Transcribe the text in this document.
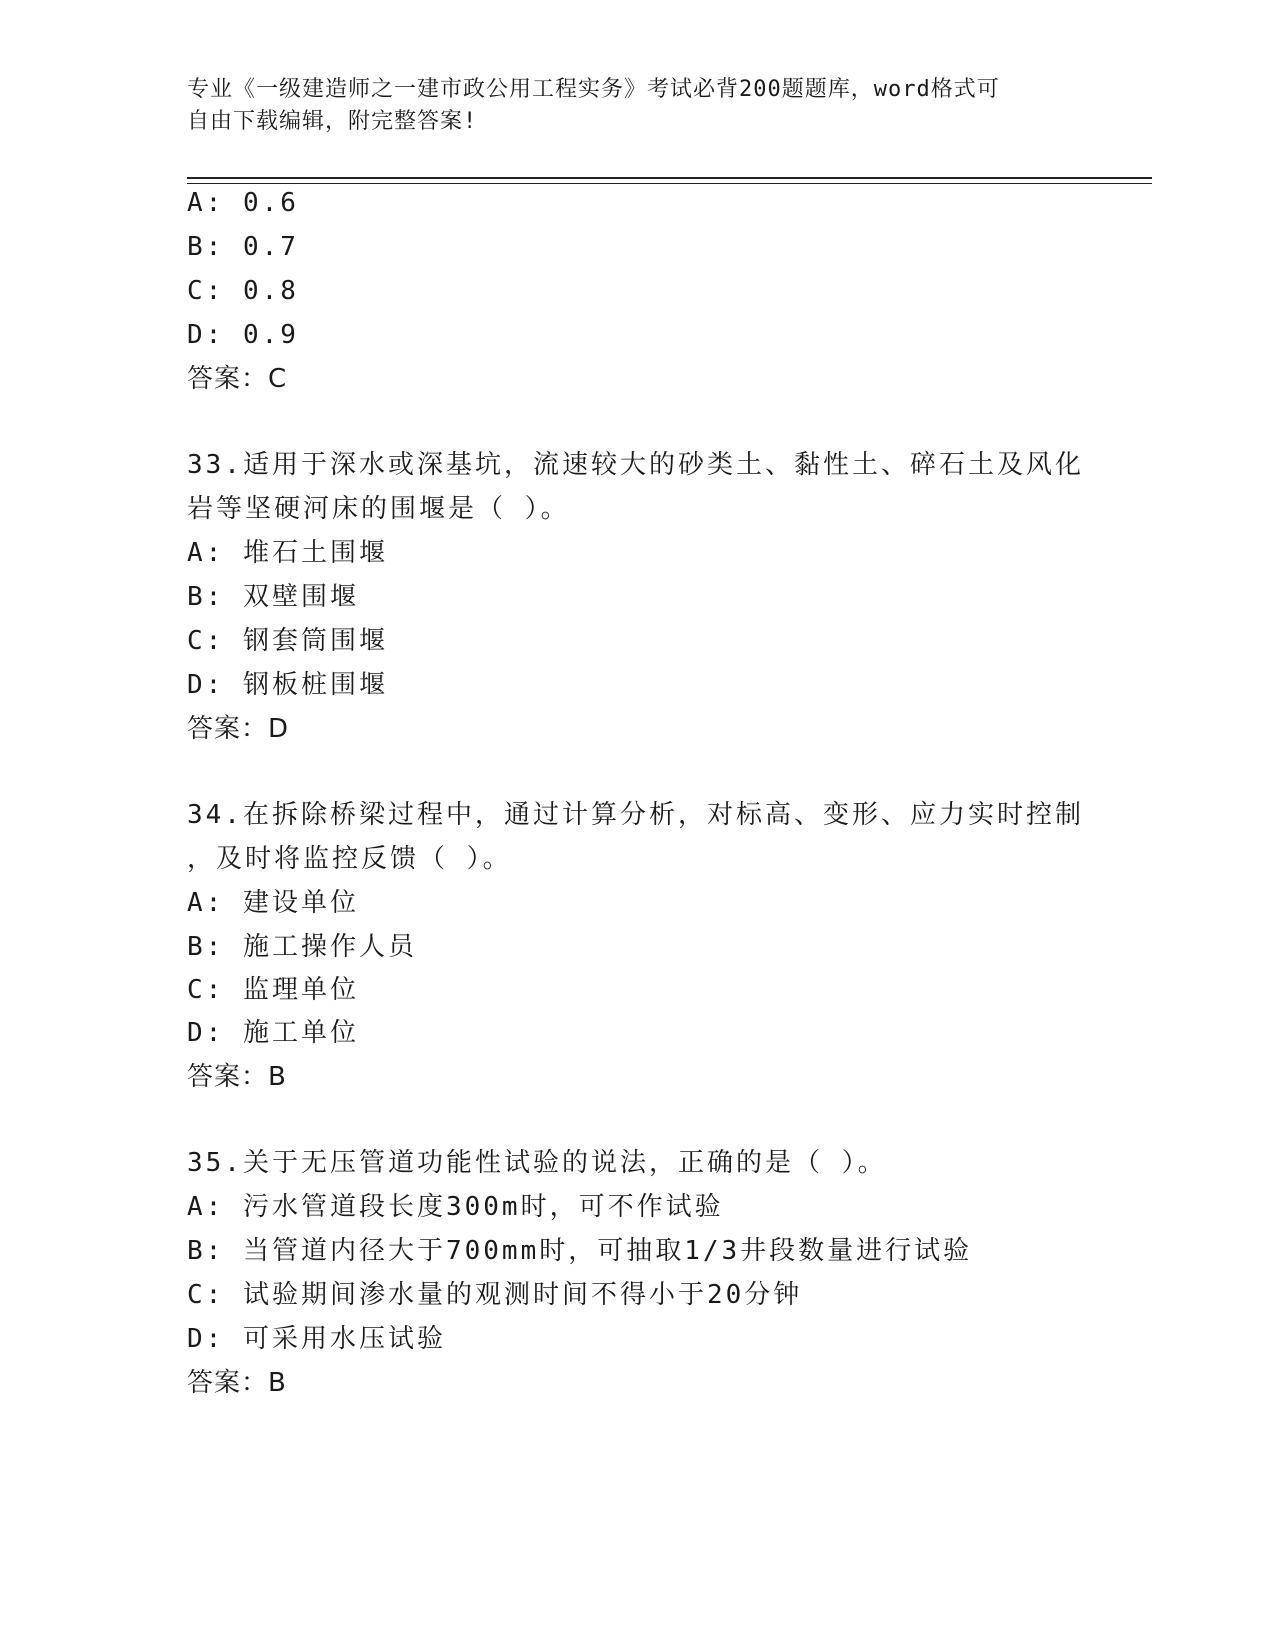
专业《一级建造师之一建市政公用工程实务》考试必背200题题库，word格式可
自由下载编辑，附完整答案!
A: 0.6
B: 0.7
C: 0.8
D: 0.9
答案：C
33.适用于深水或深基坑，流速较大的砂类土、黏性土、碎石土及风化
岩等坚硬河床的围堰是（ ）。
A: 堆石土围堰
B: 双壁围堰
C: 钢套筒围堰
D: 钢板桩围堰
答案：D
34.在拆除桥梁过程中，通过计算分析，对标高、变形、应力实时控制
，及时将监控反馈（ ）。
A: 建设单位
B: 施工操作人员
C: 监理单位
D: 施工单位
答案：B
35.关于无压管道功能性试验的说法，正确的是（ ）。
A: 污水管道段长度300m时，可不作试验
B: 当管道内径大于700mm时，可抽取1/3井段数量进行试验
C: 试验期间渗水量的观测时间不得小于20分钟
D: 可采用水压试验
答案：B
